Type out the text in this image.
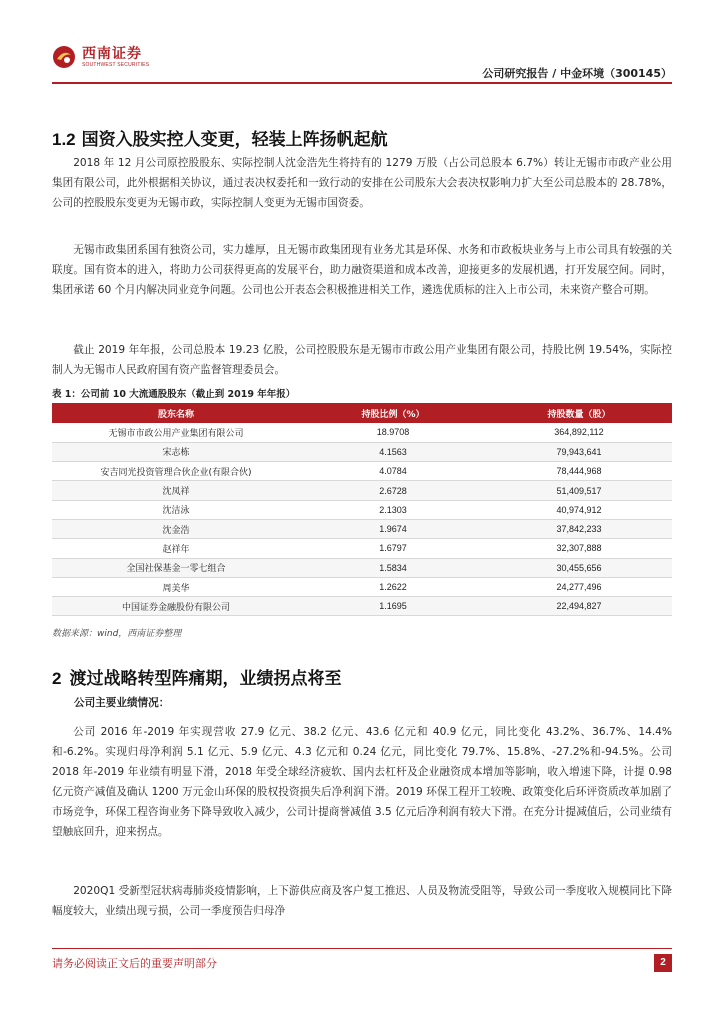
西南证券
SOUTHWEST SECURITIES
公司研究报告 / 中金环境（300145）
1.2 国资入股实控人变更，轻装上阵扬帆起航

2018 年 12 月公司原控股股东、实际控制人沈金浩先生将持有的 1279 万股（占公司总股本 6.7%）转让无锡市市政产业公用集团有限公司，此外根据相关协议，通过表决权委托和一致行动的安排在公司股东大会表决权影响力扩大至公司总股本的 28.78%，公司的控股股东变更为无锡市政，实际控制人变更为无锡市国资委。

无锡市政集团系国有独资公司，实力雄厚，且无锡市政集团现有业务尤其是环保、水务和市政板块业务与上市公司具有较强的关联度。国有资本的进入，将助力公司获得更高的发展平台，助力融资渠道和成本改善，迎接更多的发展机遇，打开发展空间。同时，集团承诺 60 个月内解决同业竞争问题。公司也公开表态会积极推进相关工作，遴选优质标的注入上市公司，未来资产整合可期。

截止 2019 年年报，公司总股本 19.23 亿股，公司控股股东是无锡市市政公用产业集团有限公司，持股比例 19.54%，实际控制人为无锡市人民政府国有资产监督管理委员会。

表 1：公司前 10 大流通股股东（截止到 2019 年年报）
股东名称	持股比例（%）	持股数量（股）
无锡市市政公用产业集团有限公司	18.9708	364,892,112
宋志栋	4.1563	79,943,641
安吉同光投资管理合伙企业(有限合伙)	4.0784	78,444,968
沈凤祥	2.6728	51,409,517
沈洁泳	2.1303	40,974,912
沈金浩	1.9674	37,842,233
赵祥年	1.6797	32,307,888
全国社保基金一零七组合	1.5834	30,455,656
周美华	1.2622	24,277,496
中国证券金融股份有限公司	1.1695	22,494,827
数据来源：wind，西南证券整理
2 渡过战略转型阵痛期，业绩拐点将至
公司主要业绩情况：

公司 2016 年-2019 年实现营收 27.9 亿元、38.2 亿元、43.6 亿元和 40.9 亿元，同比变化 43.2%、36.7%、14.4%和-6.2%。实现归母净利润 5.1 亿元、5.9 亿元、4.3 亿元和 0.24 亿元，同比变化 79.7%、15.8%、-27.2%和-94.5%。公司 2018 年-2019 年业绩有明显下滑，2018 年受全球经济疲软、国内去杠杆及企业融资成本增加等影响，收入增速下降，计提 0.98 亿元资产减值及确认 1200 万元金山环保的股权投资损失后净利润下滑。2019 环保工程开工较晚、政策变化后环评资质改革加剧了市场竞争，环保工程咨询业务下降导致收入减少，公司计提商誉减值 3.5 亿元后净利润有较大下滑。在充分计提减值后，公司业绩有望触底回升，迎来拐点。

2020Q1 受新型冠状病毒肺炎疫情影响，上下游供应商及客户复工推迟、人员及物流受阻等，导致公司一季度收入规模同比下降幅度较大，业绩出现亏损，公司一季度预告归母净

请务必阅读正文后的重要声明部分	2
